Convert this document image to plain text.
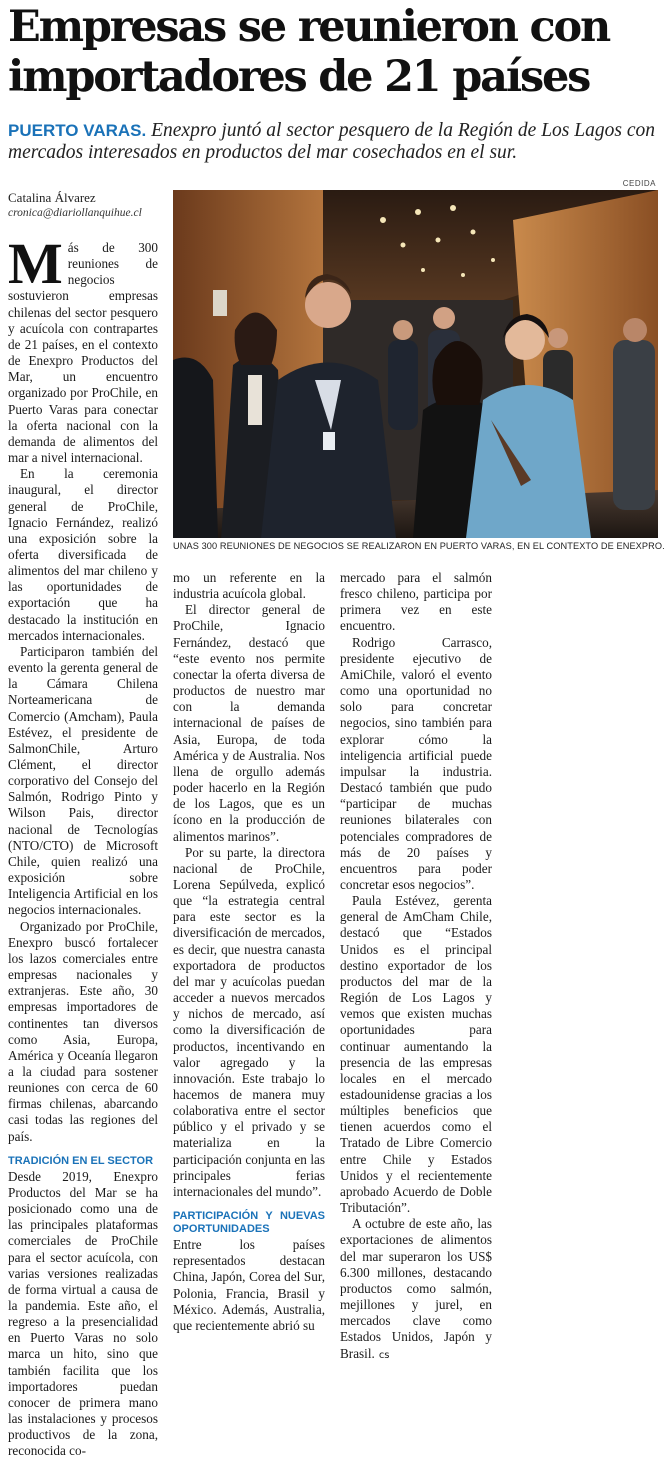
Empresas se reunieron con importadores de 21 países

PUERTO VARAS. Enexpro juntó al sector pesquero de la Región de Los Lagos con mercados interesados en productos del mar cosechados en el sur.

Catalina Álvarez

cronica@diariollanquihue.cl

CEDIDA

UNAS 300 REUNIONES DE NEGOCIOS SE REALIZARON EN PUERTO VARAS, EN EL CONTEXTO DE ENEXPRO.

Más de 300 reuniones de negocios sostuvieron empresas chilenas del sector pesquero y acuícola con contrapartes de 21 países, en el contexto de Enexpro Productos del Mar, un encuentro organizado por ProChile, en Puerto Varas para conectar la oferta nacional con la demanda de alimentos del mar a nivel internacional.

En la ceremonia inaugural, el director general de ProChile, Ignacio Fernández, realizó una exposición sobre la oferta diversificada de alimentos del mar chileno y las oportunidades de exportación que ha destacado la institución en mercados internacionales.

Participaron también del evento la gerenta general de la Cámara Chilena Norteamericana de Comercio (Amcham), Paula Estévez, el presidente de SalmonChile, Arturo Clément, el director corporativo del Consejo del Salmón, Rodrigo Pinto y Wilson Pais, director nacional de Tecnologías (NTO/CTO) de Microsoft Chile, quien realizó una exposición sobre Inteligencia Artificial en los negocios internacionales.

Organizado por ProChile, Enexpro buscó fortalecer los lazos comerciales entre empresas nacionales y extranjeras. Este año, 30 empresas importadores de continentes tan diversos como Asia, Europa, América y Oceanía llegaron a la ciudad para sostener reuniones con cerca de 60 firmas chilenas, abarcando casi todas las regiones del país.

TRADICIÓN EN EL SECTOR

Desde 2019, Enexpro Productos del Mar se ha posicionado como una de las principales plataformas comerciales de ProChile para el sector acuícola, con varias versiones realizadas de forma virtual a causa de la pandemia. Este año, el regreso a la presencialidad en Puerto Varas no solo marca un hito, sino que también facilita que los importadores puedan conocer de primera mano las instalaciones y procesos productivos de la zona, reconocida co-

mo un referente en la industria acuícola global.

El director general de ProChile, Ignacio Fernández, destacó que “este evento nos permite conectar la oferta diversa de productos de nuestro mar con la demanda internacional de países de Asia, Europa, de toda América y de Australia. Nos llena de orgullo además poder hacerlo en la Región de los Lagos, que es un ícono en la producción de alimentos marinos”.

Por su parte, la directora nacional de ProChile, Lorena Sepúlveda, explicó que “la estrategia central para este sector es la diversificación de mercados, es decir, que nuestra canasta exportadora de productos del mar y acuícolas puedan acceder a nuevos mercados y nichos de mercado, así como la diversificación de productos, incentivando en valor agregado y la innovación. Este trabajo lo hacemos de manera muy colaborativa entre el sector público y el privado y se materializa en la participación conjunta en las principales ferias internacionales del mundo”.

PARTICIPACIÓN Y NUEVAS OPORTUNIDADES

Entre los países representados destacan China, Japón, Corea del Sur, Polonia, Francia, Brasil y México. Además, Australia, que recientemente abrió su

mercado para el salmón fresco chileno, participa por primera vez en este encuentro.

Rodrigo Carrasco, presidente ejecutivo de AmiChile, valoró el evento como una oportunidad no solo para concretar negocios, sino también para explorar cómo la inteligencia artificial puede impulsar la industria. Destacó también que pudo “participar de muchas reuniones bilaterales con potenciales compradores de más de 20 países y encuentros para poder concretar esos negocios”.

Paula Estévez, gerenta general de AmCham Chile, destacó que “Estados Unidos es el principal destino exportador de los productos del mar de la Región de Los Lagos y vemos que existen muchas oportunidades para continuar aumentando la presencia de las empresas locales en el mercado estadounidense gracias a los múltiples beneficios que tienen acuerdos como el Tratado de Libre Comercio entre Chile y Estados Unidos y el recientemente aprobado Acuerdo de Doble Tributación”.

A octubre de este año, las exportaciones de alimentos del mar superaron los US$ 6.300 millones, destacando productos como salmón, mejillones y jurel, en mercados clave como Estados Unidos, Japón y Brasil. cs
